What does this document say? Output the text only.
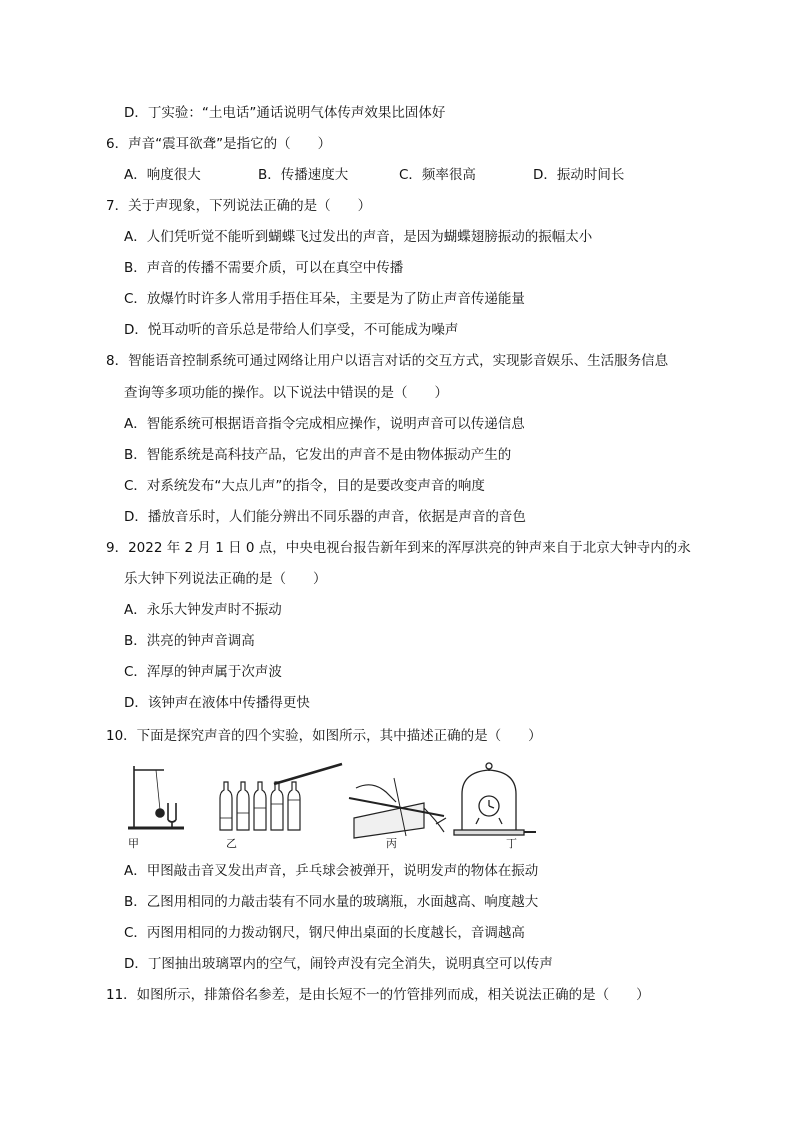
D．丁实验：“土电话”通话说明气体传声效果比固体好
6．声音“震耳欲聋”是指它的（　　）
A．响度很大	B．传播速度大	C．频率很高	D．振动时间长
7．关于声现象，下列说法正确的是（　　）
A．人们凭听觉不能听到蝴蝶飞过发出的声音，是因为蝴蝶翅膀振动的振幅太小
B．声音的传播不需要介质，可以在真空中传播
C．放爆竹时许多人常用手捂住耳朵，主要是为了防止声音传递能量
D．悦耳动听的音乐总是带给人们享受，不可能成为噪声
8．智能语音控制系统可通过网络让用户以语言对话的交互方式，实现影音娱乐、生活服务信息
查询等多项功能的操作。以下说法中错误的是（　　）
A．智能系统可根据语音指令完成相应操作，说明声音可以传递信息
B．智能系统是高科技产品，它发出的声音不是由物体振动产生的
C．对系统发布“大点儿声”的指令，目的是要改变声音的响度
D．播放音乐时，人们能分辨出不同乐器的声音，依据是声音的音色
9．2022 年 2 月 1 日 0 点，中央电视台报告新年到来的浑厚洪亮的钟声来自于北京大钟寺内的永
乐大钟下列说法正确的是（　　）
A．永乐大钟发声时不振动
B．洪亮的钟声音调高
C．浑厚的钟声属于次声波
D．该钟声在液体中传播得更快
10．下面是探究声音的四个实验，如图所示，其中描述正确的是（　　）
甲	乙	丙	丁
A．甲图敲击音叉发出声音，乒乓球会被弹开，说明发声的物体在振动
B．乙图用相同的力敲击装有不同水量的玻璃瓶，水面越高、响度越大
C．丙图用相同的力拨动钢尺，钢尺伸出桌面的长度越长，音调越高
D．丁图抽出玻璃罩内的空气，闹铃声没有完全消失，说明真空可以传声
11．如图所示，排箫俗名参差，是由长短不一的竹管排列而成，相关说法正确的是（　　）
